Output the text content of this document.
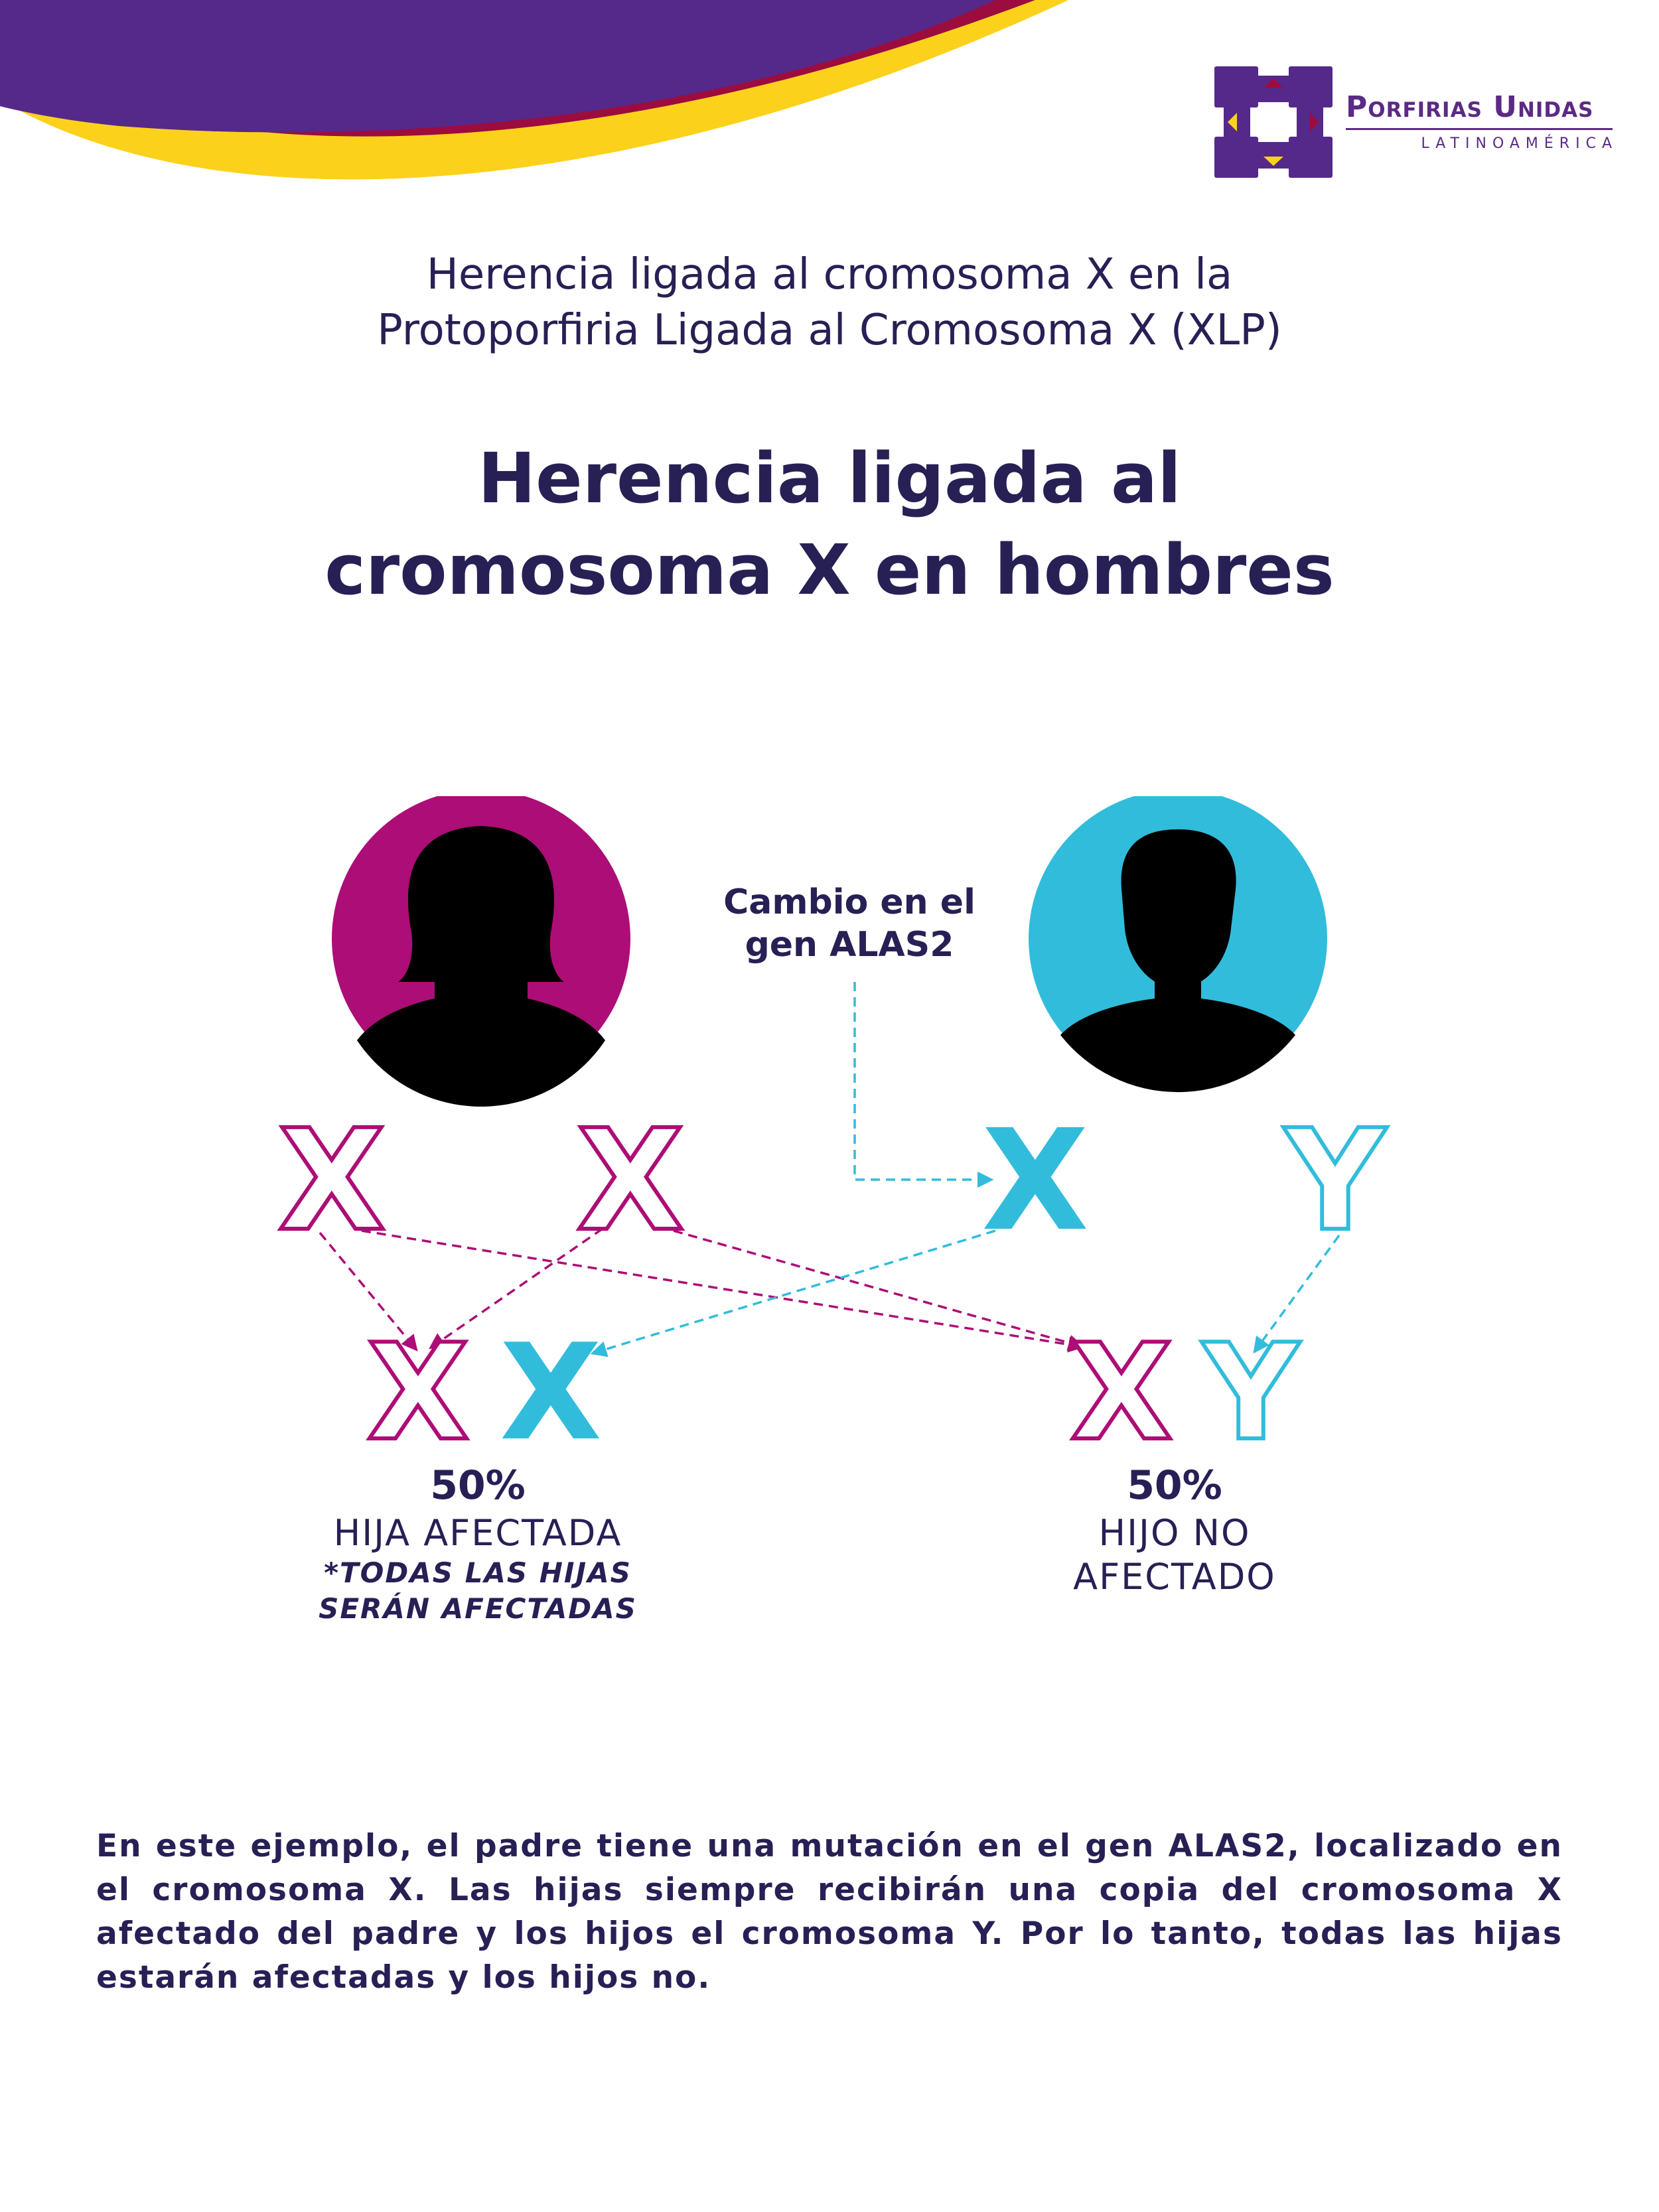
× Porfirias Unidas
LATINOAMÉRICA
Herencia ligada al cromosoma X en la
Protoporfiria Ligada al Cromosoma X (XLP)
Herencia ligada al
cromosoma X en hombres
X X X Y
X X	X Y
Cambio en el
gen ALAS2
50%
HIJA AFECTADA
*TODAS LAS HIJAS
SERÁN AFECTADAS
50%
HIJO NO
AFECTADO
En este ejemplo, el padre tiene una mutación en el gen ALAS2, localizado en el cromosoma X. Las hijas siempre recibirán una copia del cromosoma X afectado del padre y los hijos el cromosoma Y. Por lo tanto, todas las hijas estarán afectadas y los hijos no.
